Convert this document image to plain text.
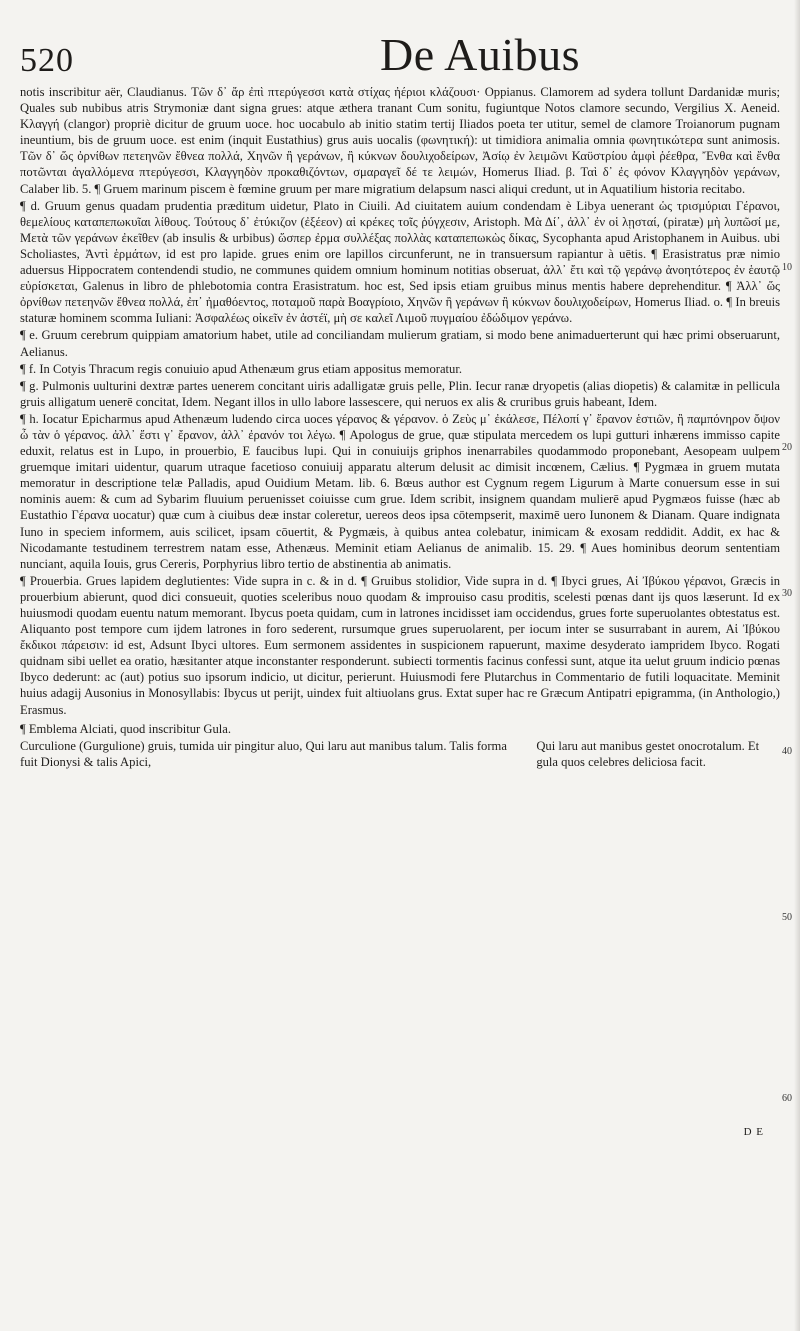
520	De Auibus

notis inscribitur aër, Claudianus. Τῶν δ᾽ ἄρ ἐπὶ πτερύγεσσι κατὰ στίχας ἠέριοι κλάζουσι· Oppianus. Clamorem ad sydera tollunt Dardanidæ muris; Quales sub nubibus atris Strymoniæ dant signa grues: atque æthera tranant Cum sonitu, fugiuntque Notos clamore secundo, Vergilius X. Aeneid. Κλαγγή (clangor) propriè dicitur de gruum uoce. hoc uocabulo ab initio statim tertij Iliados poeta ter utitur, semel de clamore Troianorum pugnam ineuntium, bis de gruum uoce. est enim (inquit Eustathius) grus auis uocalis (φωνητική): ut timidiora animalia omnia φωνητικώτερα sunt animosis. Τῶν δ᾽ ὥς ὀρνίθων πετεηνῶν ἔθνεα πολλά, Χηνῶν ἢ γεράνων, ἢ κύκνων δουλιχοδείρων, Ἀσίῳ ἐν λειμῶνι Καϋστρίου ἀμφὶ ῥέεθρα, Ἔνθα καὶ ἔνθα ποτῶνται ἀγαλλόμενα πτερύγεσσι, Κλαγγηδὸν προκαθιζόντων, σμαραγεῖ δέ τε λειμών, Homerus Iliad. β. Ταὶ δ᾽ ἐς φόνον Κλαγγηδὸν γεράνων, Calaber lib. 5. ¶ Gruem marinum piscem è fœmine gruum per mare migratium delapsum nasci aliqui credunt, ut in Aquatilium historia recitabo.

¶ d. Gruum genus quadam prudentia præditum uidetur, Plato in Ciuili. Ad ciuitatem auium condendam è Libya uenerant ὡς τρισμύριαι Γέρανοι, θεμελίους καταπεπωκυῖαι λίθους. Τούτους δ᾽ ἐτύκιζον (ἐξέεον) αἱ κρέκες τοῖς ῥύγχεσιν, Aristoph. Μὰ Δί᾽, ἀλλ᾽ ἐν οἱ λῃσταί, (piratæ) μὴ λυπῶσί με, Μετὰ τῶν γεράνων ἐκεῖθεν (ab insulis & urbibus) ὥσπερ ἐρμα συλλέξας πολλὰς καταπεπωκὼς δίκας, Sycophanta apud Aristophanem in Auibus. ubi Scholiastes, Ἀντὶ ἑρμάτων, id est pro lapide. grues enim ore lapillos circunferunt, ne in transuersum rapiantur à uētis. ¶ Erasistratus præ nimio aduersus Hippocratem contendendi studio, ne communes quidem omnium hominum notitias obseruat, ἀλλ᾽ ἔτι καὶ τῷ γεράνῳ ἀνοητότερος ἐν ἑαυτῷ εὑρίσκεται, Galenus in libro de phlebotomia contra Erasistratum. hoc est, Sed ipsis etiam gruibus minus mentis habere deprehenditur. ¶ Ἀλλ᾽ ὥς ὀρνίθων πετεηνῶν ἔθνεα πολλά, ἐπ᾽ ἠμαθόεντος, ποταμοῦ παρὰ Βοαγρίοιο, Χηνῶν ἢ γεράνων ἢ κύκνων δουλιχοδείρων, Homerus Iliad. o. ¶ In breuis staturæ hominem scomma Iuliani: Ἀσφαλέως οἰκεῖν ἐν ἀστέϊ, μὴ σε καλεῖ Λιμοῦ πυγμαίου ἐδώδιμον γεράνω.

¶ e. Gruum cerebrum quippiam amatorium habet, utile ad conciliandam mulierum gratiam, si modo bene animaduerterunt qui hæc primi obseruarunt, Aelianus.

¶ f. In Cotyis Thracum regis conuiuio apud Athenæum grus etiam appositus memoratur.

¶ g. Pulmonis uulturini dextræ partes uenerem concitant uiris adalligatæ gruis pelle, Plin. Iecur ranæ dryopetis (alias diopetis) & calamitæ in pellicula gruis alligatum uenerē concitat, Idem. Negant illos in ullo labore lassescere, qui neruos ex alis & cruribus gruis habeant, Idem.

¶ h. Iocatur Epicharmus apud Athenæum ludendo circa uoces γέρανος & γέρανον. ὁ Ζεὺς μ᾽ ἐκάλεσε, Πέλοπί γ᾽ ἔρανον ἑστιῶν, ἢ παμπόνηρον ὄψον ὦ τὰν ὁ γέρανος. ἀλλ᾽ ἔστι γ᾽ ἔρανον, ἀλλ᾽ ἐρανόν τοι λέγω. ¶ Apologus de grue, quæ stipulata mercedem os lupi gutturi inhærens immisso capite eduxit, relatus est in Lupo, in prouerbio, E faucibus lupi. Qui in conuiuijs griphos inenarrabiles quodammodo proponebant, Aesopeam uulpem gruemque imitari uidentur, quarum utraque facetioso conuiuij apparatu alterum delusit ac dimisit incœnem, Cælius. ¶ Pygmæa in gruem mutata memoratur in descriptione telæ Palladis, apud Ouidium Metam. lib. 6. Bœus author est Cygnum regem Ligurum à Marte conuersum esse in sui nominis auem: & cum ad Sybarim fluuium peruenisset coiuisse cum grue. Idem scribit, insignem quandam mulierē apud Pygmæos fuisse (hæc ab Eustathio Γέρανα uocatur) quæ cum à ciuibus deæ instar coleretur, uereos deos ipsa cōtempserit, maximē uero Iunonem & Dianam. Quare indignata Iuno in speciem informem, auis scilicet, ipsam cōuertit, & Pygmæis, à quibus antea colebatur, inimicam & exosam reddidit. Addit, ex hac & Nicodamante testudinem terrestrem natam esse, Athenæus. Meminit etiam Aelianus de animalib. 15. 29. ¶ Aues hominibus deorum sententiam nunciant, aquila Iouis, grus Cereris, Porphyrius libro tertio de abstinentia ab animatis.

¶ Prouerbia. Grues lapidem deglutientes: Vide supra in c. & in d. ¶ Gruibus stolidior, Vide supra in d. ¶ Ibyci grues, Αἱ Ἰβύκου γέρανοι, Græcis in prouerbium abierunt, quod dici consueuit, quoties sceleribus nouo quodam & improuiso casu proditis, scelesti pœnas dant ijs quos læserunt. Id ex huiusmodi quodam euentu natum memorant. Ibycus poeta quidam, cum in latrones incidisset iam occidendus, grues forte superuolantes obtestatus est. Aliquanto post tempore cum ijdem latrones in foro sederent, rursumque grues superuolarent, per iocum inter se susurrabant in aurem, Αἱ Ἰβύκου ἔκδικοι πάρεισιν: id est, Adsunt Ibyci ultores. Eum sermonem assidentes in suspicionem rapuerunt, maxime desyderato iampridem Ibyco. Rogati quidnam sibi uellet ea oratio, hæsitanter atque inconstanter responderunt. subiecti tormentis facinus confessi sunt, atque ita uelut gruum indicio pœnas Ibyco dederunt: ac (aut) potius suo ipsorum indicio, ut dicitur, perierunt. Huiusmodi fere Plutarchus in Commentario de futili loquacitate. Meminit huius adagij Ausonius in Monosyllabis: Ibycus ut perijt, uindex fuit altiuolans grus. Extat super hac re Græcum Antipatri epigramma, (in Anthologio,) Erasmus.

¶ Emblema Alciati, quod inscribitur Gula.

Curculione (Gurgulione) gruis, tumida uir pingitur aluo, Qui laru aut manibus talum. Talis forma fuit Dionysi & talis Apici,
Qui laru aut manibus gestet onocrotalum. Et gula quos celebres deliciosa facit.
10
20
30
40
50
60
D E
